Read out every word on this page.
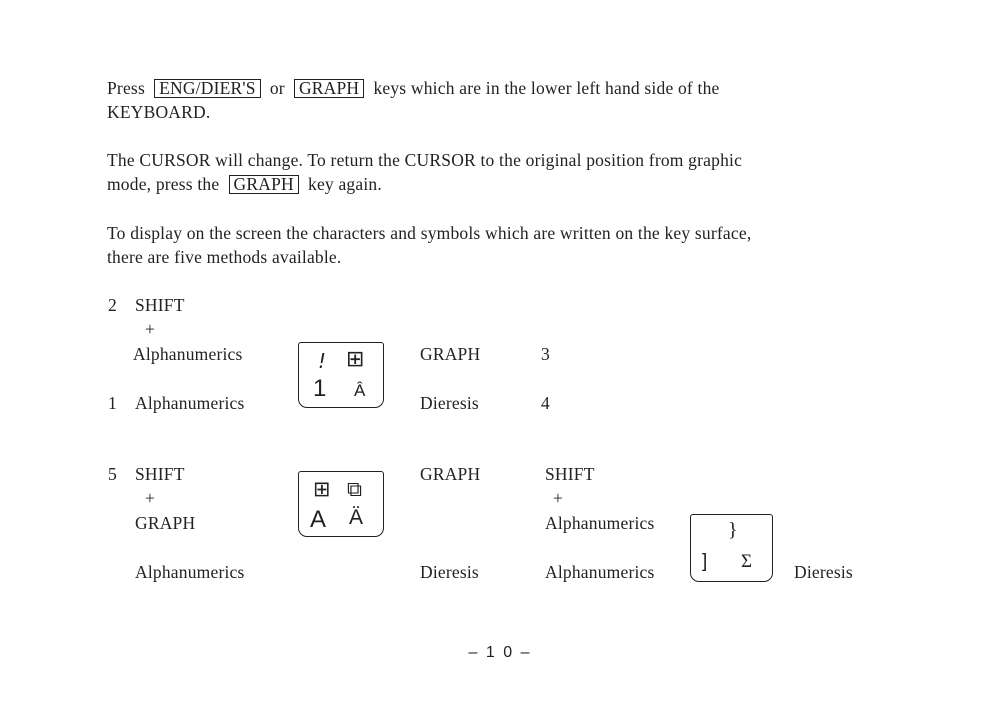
Press ENG/DIER'S or GRAPH keys which are in the lower left hand side of the
KEYBOARD.
The CURSOR will change. To return the CURSOR to the original position from graphic
mode, press the GRAPH key again.
To display on the screen the characters and symbols which are written on the key surface,
there are five methods available.
2 SHIFT
+
Alphanumerics
1 Alphanumerics
! ⊞
1 Â
GRAPH	3
Dieresis	4
5 SHIFT
+
GRAPH
Alphanumerics
⊞ ⧉
A Ä
GRAPH
Dieresis
SHIFT
+
Alphanumerics
Alphanumerics
}
] Σ Dieresis
– 1 0 –
